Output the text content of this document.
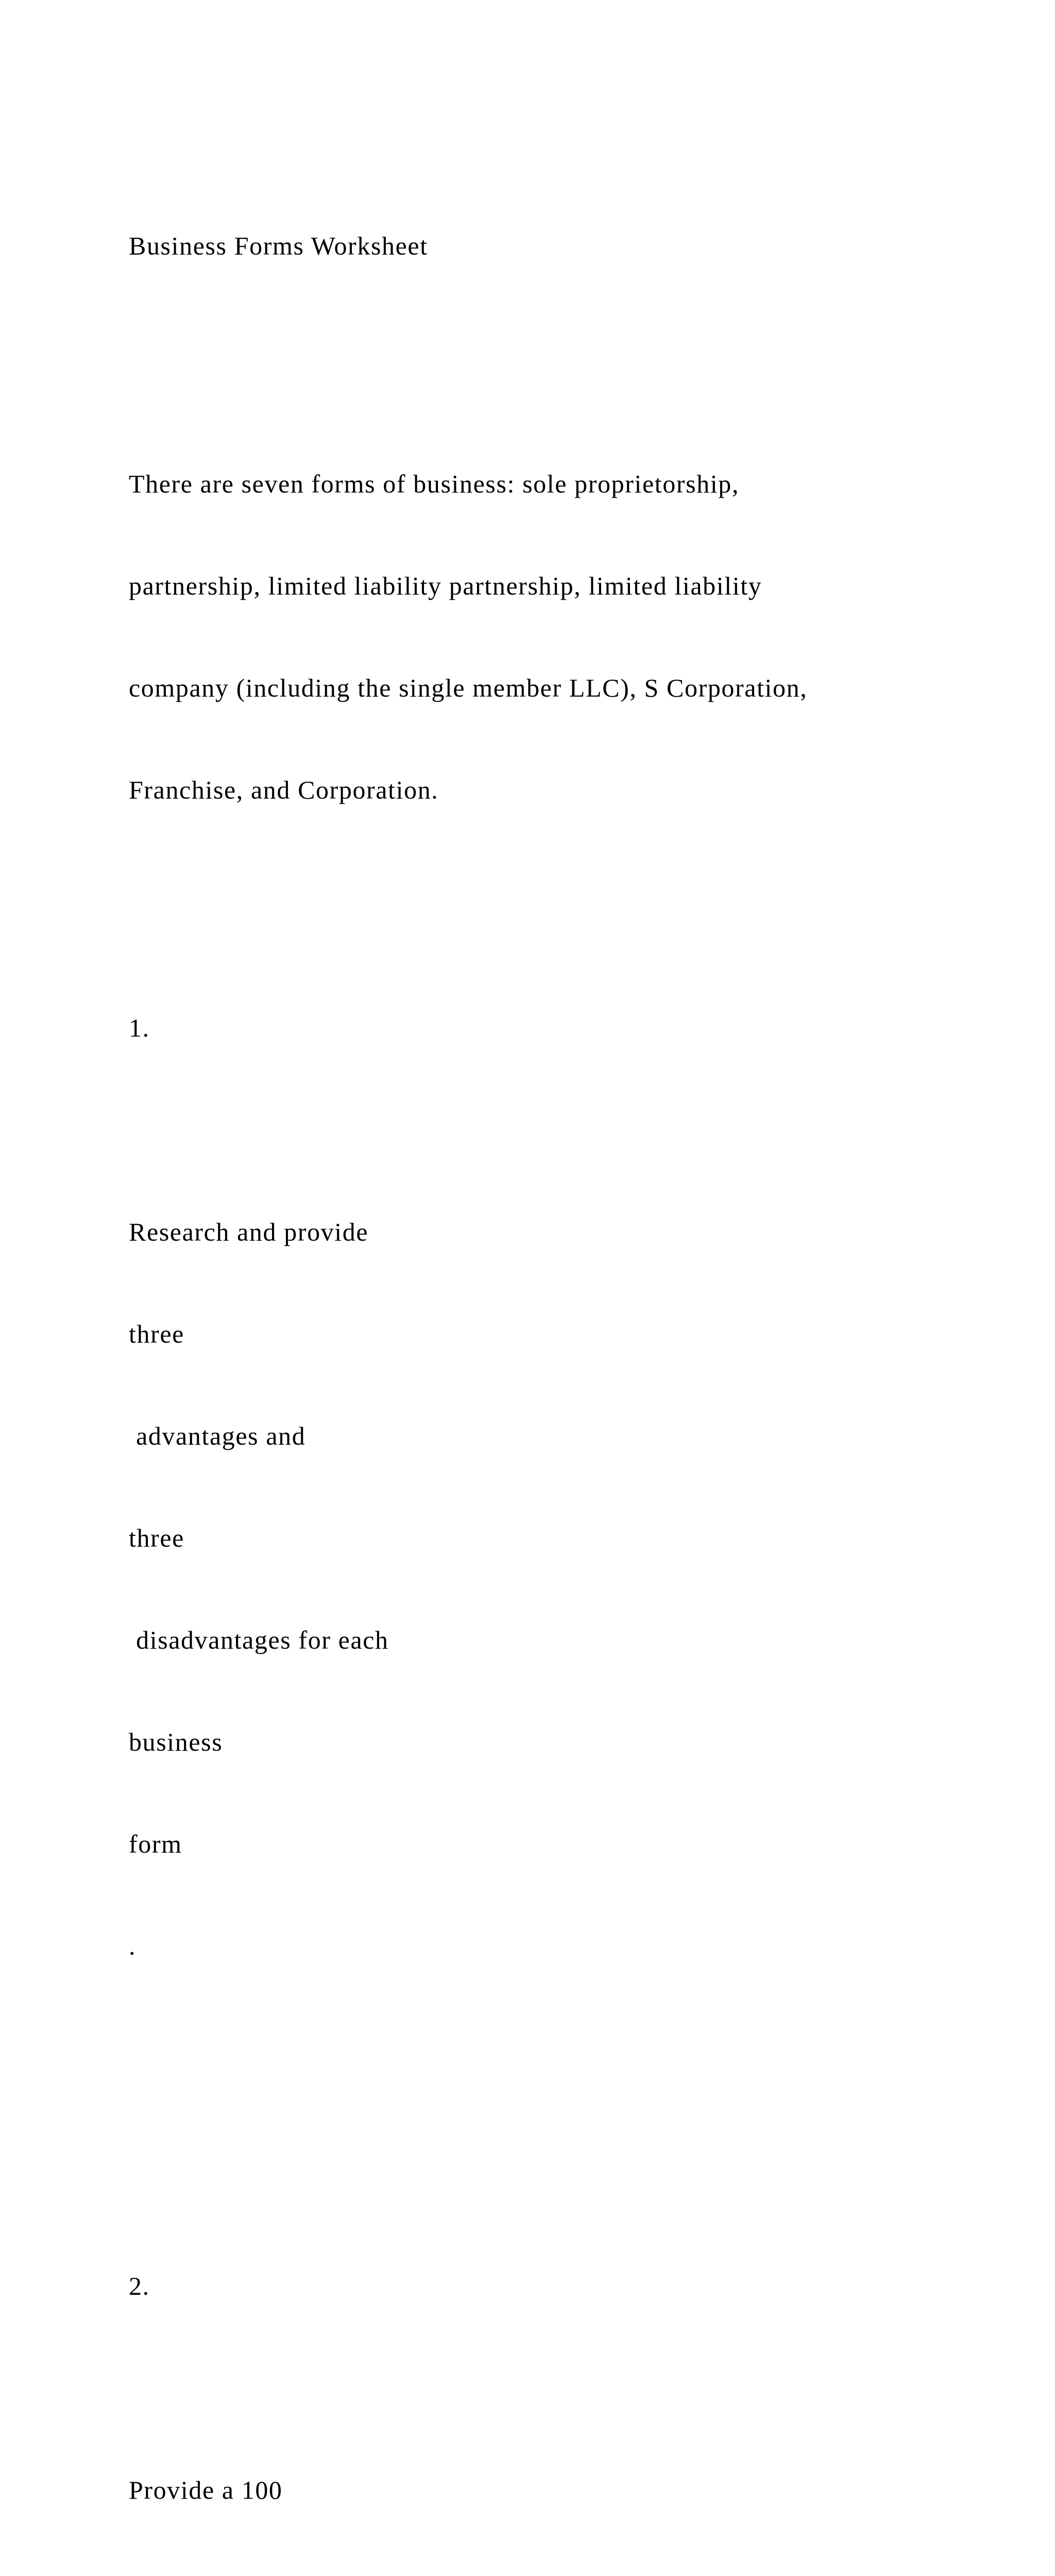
Business Forms Worksheet

There are seven forms of business: sole proprietorship,

partnership, limited liability partnership, limited liability

company (including the single member LLC), S Corporation,

Franchise, and Corporation.

1.

Research and provide

three

advantages and

three

disadvantages for each

business

form

.

2.

Provide a 100
